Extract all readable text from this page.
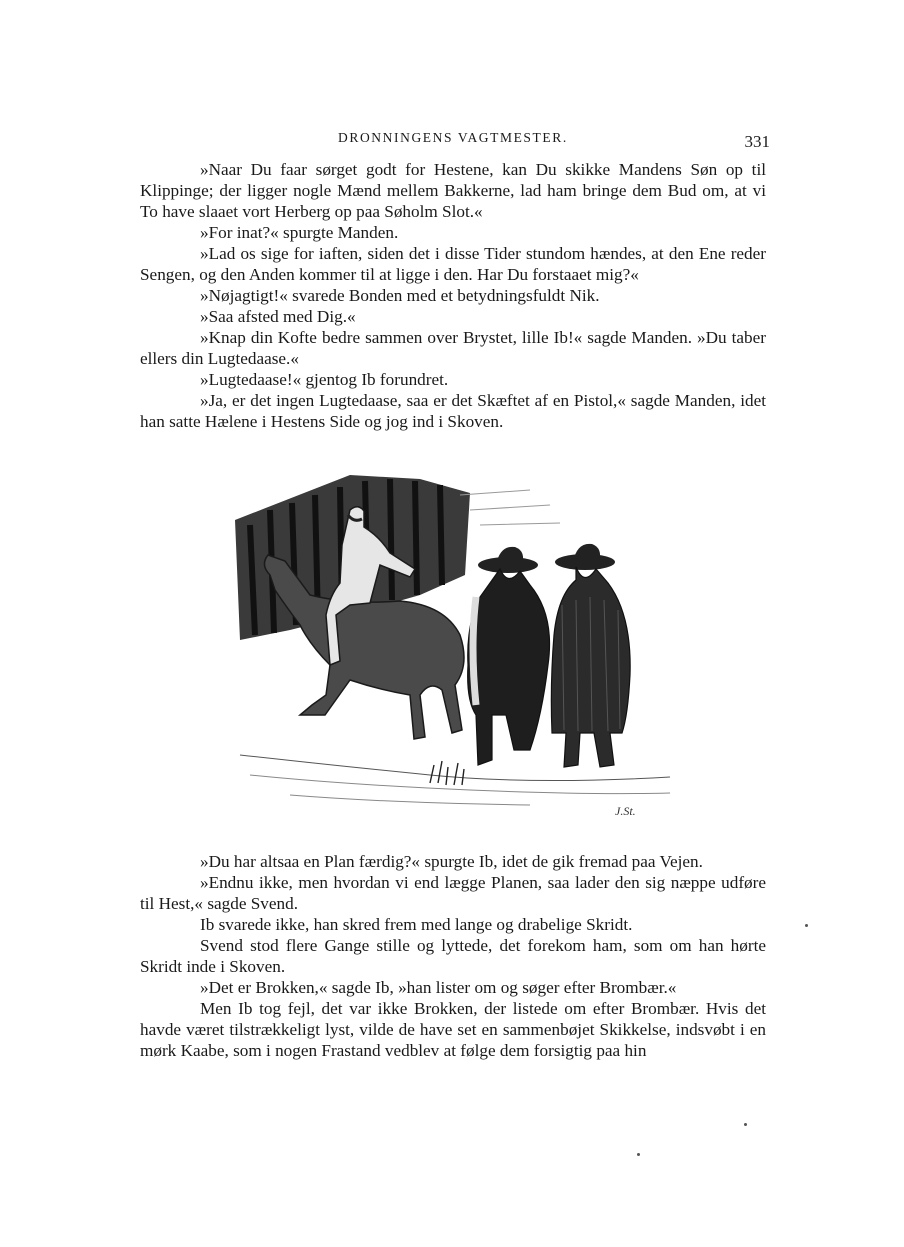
DRONNINGENS VAGTMESTER.	331

»Naar Du faar sørget godt for Hestene, kan Du skikke Mandens Søn op til Klippinge; der ligger nogle Mænd mellem Bakkerne, lad ham bringe dem Bud om, at vi To have slaaet vort Herberg op paa Søholm Slot.«

»For inat?« spurgte Manden.

»Lad os sige for iaften, siden det i disse Tider stundom hændes, at den Ene reder Sengen, og den Anden kommer til at ligge i den. Har Du forstaaet mig?«

»Nøjagtigt!« svarede Bonden med et betydningsfuldt Nik.

»Saa afsted med Dig.«

»Knap din Kofte bedre sammen over Brystet, lille Ib!« sagde Manden. »Du taber ellers din Lugtedaase.«

»Lugtedaase!« gjentog Ib forundret.

»Ja, er det ingen Lugtedaase, saa er det Skæftet af en Pistol,« sagde Manden, idet han satte Hælene i Hestens Side og jog ind i Skoven.

J.St.

»Du har altsaa en Plan færdig?« spurgte Ib, idet de gik fremad paa Vejen.

»Endnu ikke, men hvordan vi end lægge Planen, saa lader den sig næppe udføre til Hest,« sagde Svend.

Ib svarede ikke, han skred frem med lange og drabelige Skridt.

Svend stod flere Gange stille og lyttede, det forekom ham, som om han hørte Skridt inde i Skoven.

»Det er Brokken,« sagde Ib, »han lister om og søger efter Brombær.«

Men Ib tog fejl, det var ikke Brokken, der listede om efter Brombær. Hvis det havde været tilstrækkeligt lyst, vilde de have set en sammenbøjet Skikkelse, indsvøbt i en mørk Kaabe, som i nogen Frastand vedblev at følge dem forsigtig paa hin
